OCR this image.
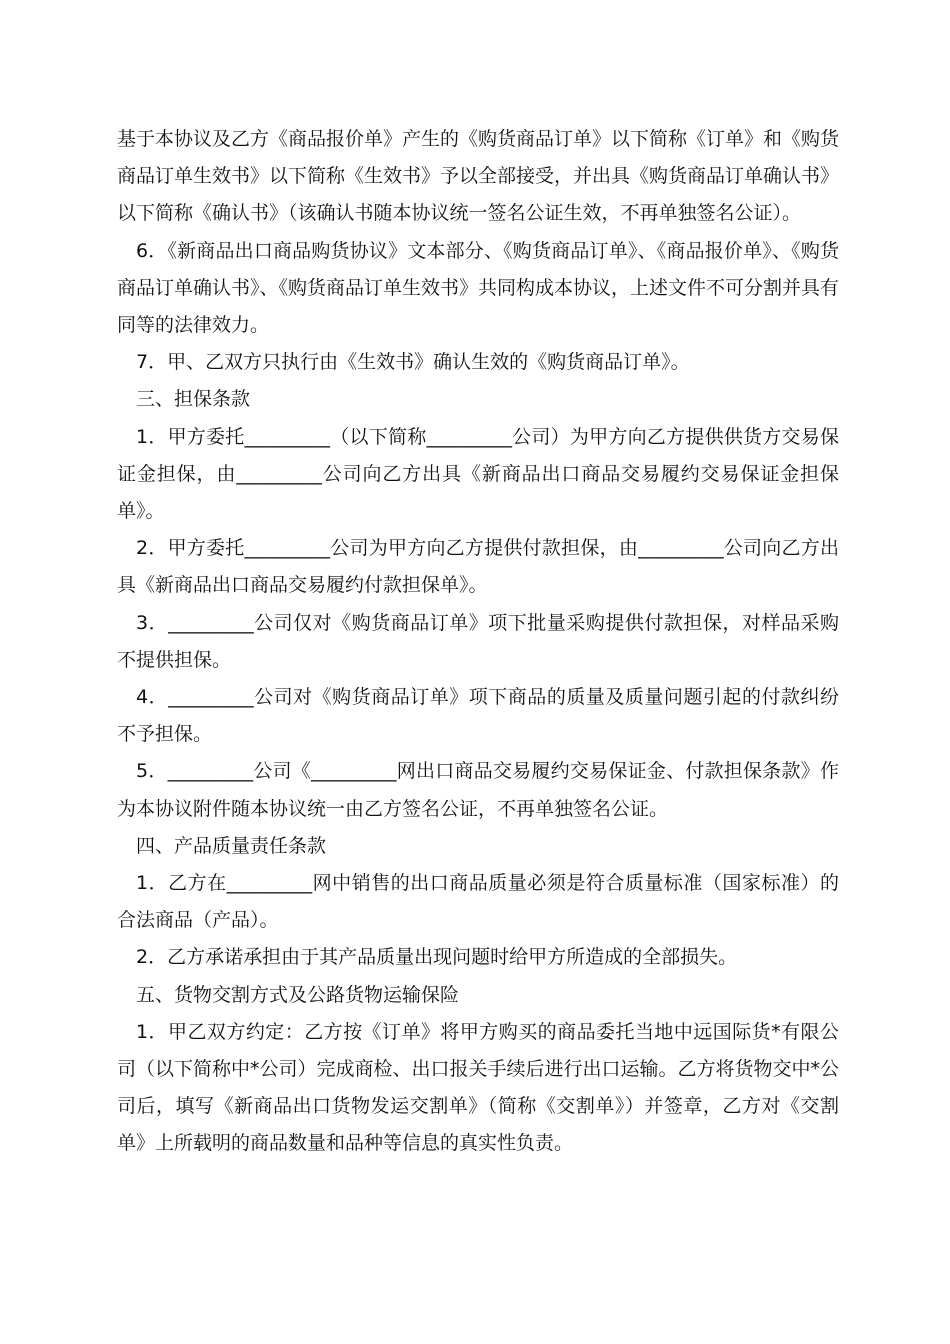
基于本协议及乙方《商品报价单》产生的《购货商品订单》以下简称《订单》和《购货商品订单生效书》以下简称《生效书》予以全部接受，并出具《购货商品订单确认书》以下简称《确认书》（该确认书随本协议统一签名公证生效，不再单独签名公证）。

6．《新商品出口商品购货协议》文本部分、《购货商品订单》、《商品报价单》、《购货商品订单确认书》、《购货商品订单生效书》共同构成本协议，上述文件不可分割并具有同等的法律效力。

7．甲、乙双方只执行由《生效书》确认生效的《购货商品订单》。

三、担保条款

1．甲方委托_________（以下简称_________公司）为甲方向乙方提供供货方交易保证金担保，由_________公司向乙方出具《新商品出口商品交易履约交易保证金担保单》。

2．甲方委托_________公司为甲方向乙方提供付款担保，由_________公司向乙方出具《新商品出口商品交易履约付款担保单》。

3．_________公司仅对《购货商品订单》项下批量采购提供付款担保，对样品采购不提供担保。

4．_________公司对《购货商品订单》项下商品的质量及质量问题引起的付款纠纷不予担保。

5．_________公司《_________网出口商品交易履约交易保证金、付款担保条款》作为本协议附件随本协议统一由乙方签名公证，不再单独签名公证。

四、产品质量责任条款

1．乙方在_________网中销售的出口商品质量必须是符合质量标准（国家标准）的合法商品（产品）。

2．乙方承诺承担由于其产品质量出现问题时给甲方所造成的全部损失。

五、货物交割方式及公路货物运输保险

1．甲乙双方约定：乙方按《订单》将甲方购买的商品委托当地中远国际货*有限公司（以下简称中*公司）完成商检、出口报关手续后进行出口运输。乙方将货物交中*公司后，填写《新商品出口货物发运交割单》（简称《交割单》）并签章，乙方对《交割单》上所载明的商品数量和品种等信息的真实性负责。
